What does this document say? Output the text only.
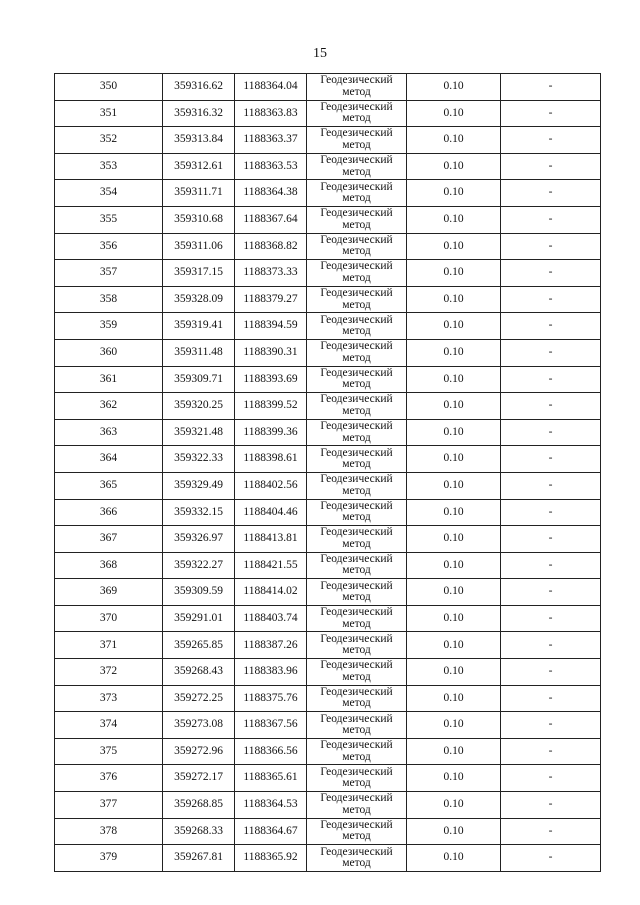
15
350	359316.62	1188364.04	Геодезический метод	0.10	-
351	359316.32	1188363.83	Геодезический метод	0.10	-
352	359313.84	1188363.37	Геодезический метод	0.10	-
353	359312.61	1188363.53	Геодезический метод	0.10	-
354	359311.71	1188364.38	Геодезический метод	0.10	-
355	359310.68	1188367.64	Геодезический метод	0.10	-
356	359311.06	1188368.82	Геодезический метод	0.10	-
357	359317.15	1188373.33	Геодезический метод	0.10	-
358	359328.09	1188379.27	Геодезический метод	0.10	-
359	359319.41	1188394.59	Геодезический метод	0.10	-
360	359311.48	1188390.31	Геодезический метод	0.10	-
361	359309.71	1188393.69	Геодезический метод	0.10	-
362	359320.25	1188399.52	Геодезический метод	0.10	-
363	359321.48	1188399.36	Геодезический метод	0.10	-
364	359322.33	1188398.61	Геодезический метод	0.10	-
365	359329.49	1188402.56	Геодезический метод	0.10	-
366	359332.15	1188404.46	Геодезический метод	0.10	-
367	359326.97	1188413.81	Геодезический метод	0.10	-
368	359322.27	1188421.55	Геодезический метод	0.10	-
369	359309.59	1188414.02	Геодезический метод	0.10	-
370	359291.01	1188403.74	Геодезический метод	0.10	-
371	359265.85	1188387.26	Геодезический метод	0.10	-
372	359268.43	1188383.96	Геодезический метод	0.10	-
373	359272.25	1188375.76	Геодезический метод	0.10	-
374	359273.08	1188367.56	Геодезический метод	0.10	-
375	359272.96	1188366.56	Геодезический метод	0.10	-
376	359272.17	1188365.61	Геодезический метод	0.10	-
377	359268.85	1188364.53	Геодезический метод	0.10	-
378	359268.33	1188364.67	Геодезический метод	0.10	-
379	359267.81	1188365.92	Геодезический метод	0.10	-
